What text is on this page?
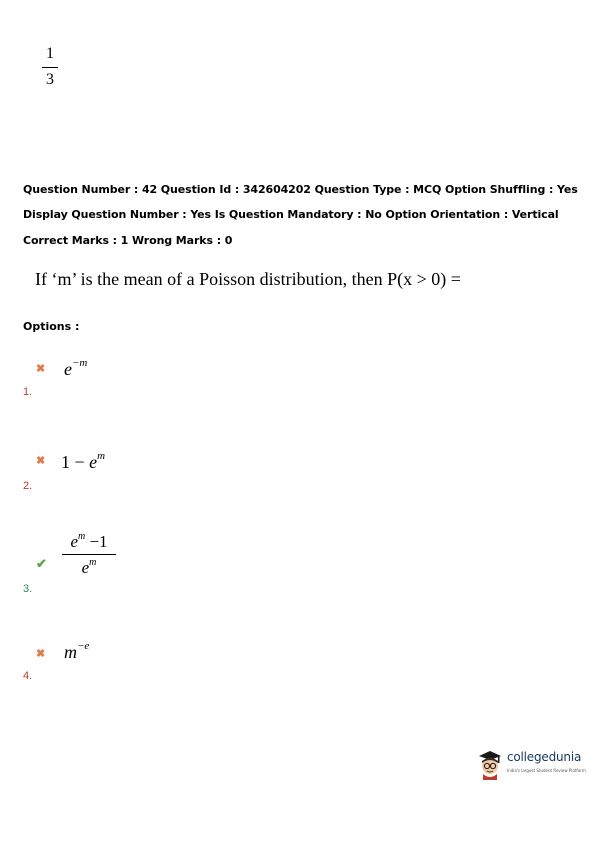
1
3
Question Number : 42 Question Id : 342604202 Question Type : MCQ Option Shuffling : Yes
Display Question Number : Yes Is Question Mandatory : No Option Orientation : Vertical
Correct Marks : 1 Wrong Marks : 0
If ‘m’ is the mean of a Poisson distribution, then P(x > 0) =
Options :
✖ $e^{-m}$
1.
✖ $1 - e^m$
2.
✔
$e^m -1$
$e^m$
3.
✖ $m^{-e}$
4.
collegedunia
India's largest Student Review Platform
